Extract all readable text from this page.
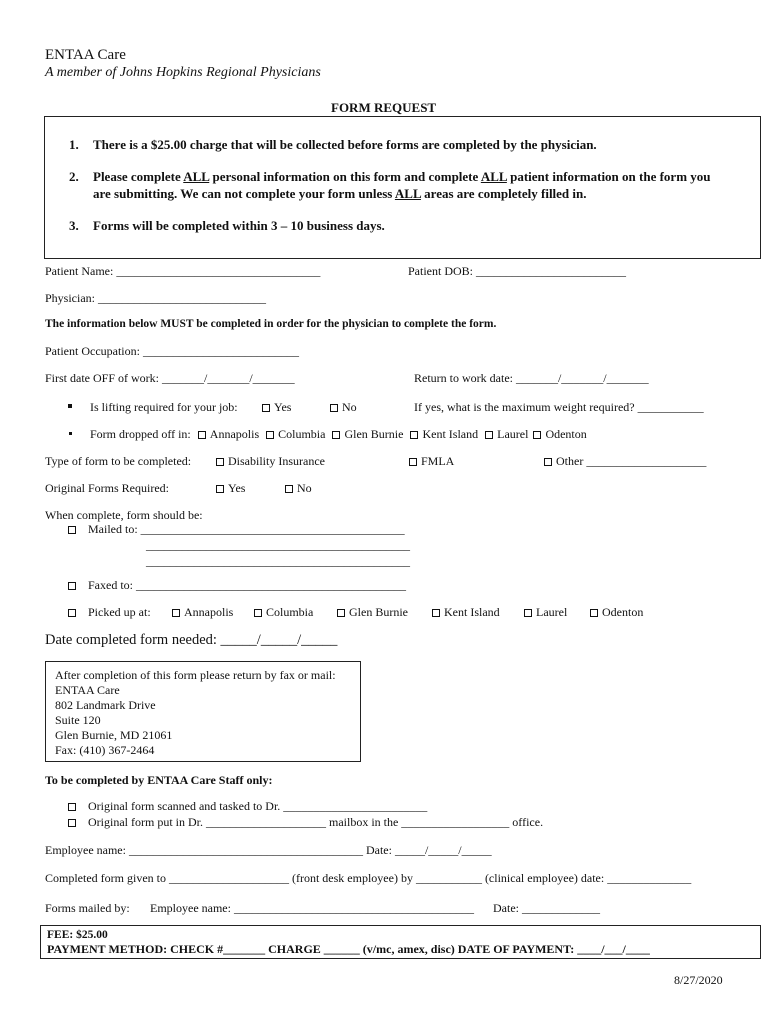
ENTAA Care
A member of Johns Hopkins Regional Physicians
FORM REQUEST
1. There is a $25.00 charge that will be collected before forms are completed by the physician.
2. Please complete ALL personal information on this form and complete ALL patient information on the form you are submitting. We can not complete your form unless ALL areas are completely filled in.
3. Forms will be completed within 3 – 10 business days.
Patient Name: __________________________________	Patient DOB: _________________________
Physician: ____________________________
The information below MUST be completed in order for the physician to complete the form.
Patient Occupation: __________________________
First date OFF of work: _______/_______/_______	Return to work date: _______/_______/_______
Is lifting required for your job:	Yes	No	If yes, what is the maximum weight required? ___________
Form dropped off in: Annapolis Columbia Glen Burnie Kent Island Laurel Odenton
Type of form to be completed:	Disability Insurance	FMLA	Other ____________________
Original Forms Required:	Yes	No
When complete, form should be:
Mailed to: ____________________________________________
____________________________________________
____________________________________________
Faxed to: _____________________________________________
Picked up at:	Annapolis	Columbia	Glen Burnie	Kent Island	Laurel	Odenton
Date completed form needed: _____/_____/_____
After completion of this form please return by fax or mail:
ENTAA Care
802 Landmark Drive
Suite 120
Glen Burnie, MD 21061
Fax: (410) 367-2464
To be completed by ENTAA Care Staff only:
Original form scanned and tasked to Dr. ________________________
Original form put in Dr. ____________________ mailbox in the __________________ office.
Employee name: _______________________________________ Date: _____/_____/_____
Completed form given to ____________________ (front desk employee) by ___________ (clinical employee) date: ______________
Forms mailed by: Employee name: ________________________________________ Date: _____________
FEE: $25.00
PAYMENT METHOD: CHECK #_______ CHARGE ______ (v/mc, amex, disc) DATE OF PAYMENT: ____/___/____
8/27/2020
